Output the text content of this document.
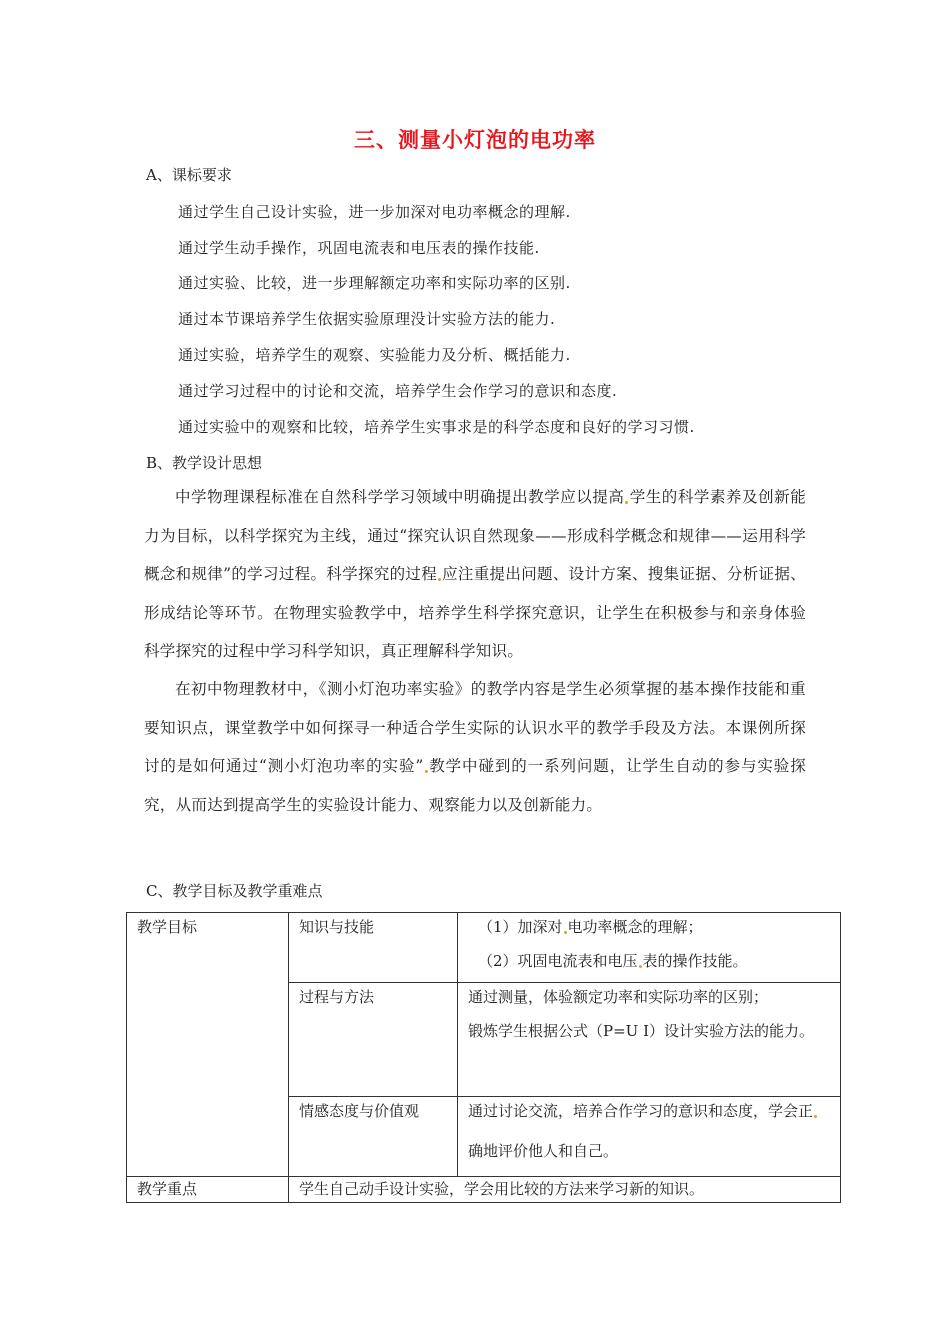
三、测量小灯泡的电功率
A、课标要求
通过学生自己设计实验，进一步加深对电功率概念的理解.
通过学生动手操作，巩固电流表和电压表的操作技能.
通过实验、比较，进一步理解额定功率和实际功率的区别.
通过本节课培养学生依据实验原理没计实验方法的能力.
通过实验，培养学生的观察、实验能力及分析、概括能力.
通过学习过程中的讨论和交流，培养学生会作学习的意识和态度.
通过实验中的观察和比较，培养学生实事求是的科学态度和良好的学习习惯.
B、教学设计思想
中学物理课程标准在自然科学学习领域中明确提出教学应以提高 学生的科学素养及创新能力为目标，以科学探究为主线，通过“探究认识自然现象——形成科学概念和规律——运用科学概念和规律”的学习过程。科学探究的过程 应注重提出问题、设计方案、搜集证据、分析证据、形成结论等环节。在物理实验教学中，培养学生科学探究意识，让学生在积极参与和亲身体验科学探究的过程中学习科学知识，真正理解科学知识。
在初中物理教材中，《测小灯泡功率实验》的教学内容是学生必须掌握的基本操作技能和重要知识点，课堂教学中如何探寻一种适合学生实际的认识水平的教学手段及方法。本课例所探讨的是如何通过“测小灯泡功率的实验” 教学中碰到的一系列问题，让学生自动的参与实验探究，从而达到提高学生的实验设计能力、观察能力以及创新能力。
C、教学目标及教学重难点
教学目标	知识与技能	（1）加深对 电功率概念的理解；
（2）巩固电流表和电压 表的操作技能。

	过程与方法	通过测量，体验额定功率和实际功率的区别；
锻炼学生根据公式（P=U I）设计实验方法的能力。

	情感态度与价值观	通过讨论交流，培养合作学习的意识和态度，学会正确地评价他人和自己。

教学重点	学生自己动手设计实验，学会用比较的方法来学习新的知识。	
